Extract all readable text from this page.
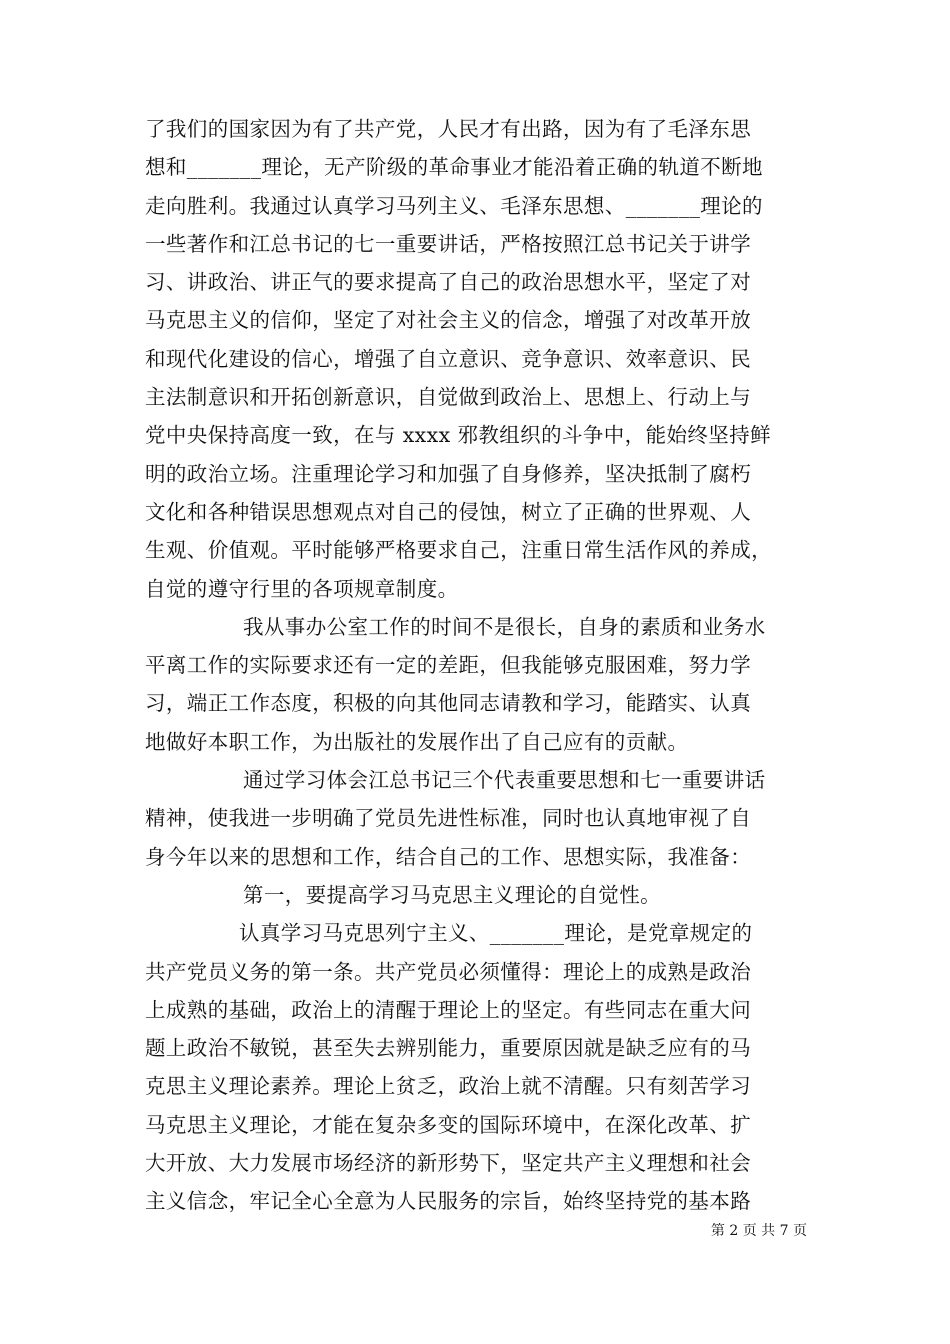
了我们的国家因为有了共产党，人民才有出路，因为有了毛泽东思
想和_______理论，无产阶级的革命事业才能沿着正确的轨道不断地
走向胜利。我通过认真学习马列主义、毛泽东思想、_______理论的
一些著作和江总书记的七一重要讲话，严格按照江总书记关于讲学
习、讲政治、讲正气的要求提高了自己的政治思想水平，坚定了对
马克思主义的信仰，坚定了对社会主义的信念，增强了对改革开放
和现代化建设的信心，增强了自立意识、竞争意识、效率意识、民
主法制意识和开拓创新意识，自觉做到政治上、思想上、行动上与
党中央保持高度一致，在与 xxxx 邪教组织的斗争中，能始终坚持鲜
明的政治立场。注重理论学习和加强了自身修养，坚决抵制了腐朽
文化和各种错误思想观点对自己的侵蚀，树立了正确的世界观、人
生观、价值观。平时能够严格要求自己，注重日常生活作风的养成，
自觉的遵守行里的各项规章制度。
我从事办公室工作的时间不是很长，自身的素质和业务水
平离工作的实际要求还有一定的差距，但我能够克服困难，努力学
习，端正工作态度，积极的向其他同志请教和学习，能踏实、认真
地做好本职工作，为出版社的发展作出了自己应有的贡献。
通过学习体会江总书记三个代表重要思想和七一重要讲话
精神，使我进一步明确了党员先进性标准，同时也认真地审视了自
身今年以来的思想和工作，结合自己的工作、思想实际，我准备：
第一，要提高学习马克思主义理论的自觉性。
认真学习马克思列宁主义、_______理论，是党章规定的
共产党员义务的第一条。共产党员必须懂得：理论上的成熟是政治
上成熟的基础，政治上的清醒于理论上的坚定。有些同志在重大问
题上政治不敏锐，甚至失去辨别能力，重要原因就是缺乏应有的马
克思主义理论素养。理论上贫乏，政治上就不清醒。只有刻苦学习
马克思主义理论，才能在复杂多变的国际环境中，在深化改革、扩
大开放、大力发展市场经济的新形势下，坚定共产主义理想和社会
主义信念，牢记全心全意为人民服务的宗旨，始终坚持党的基本路
第 2 页 共 7 页
